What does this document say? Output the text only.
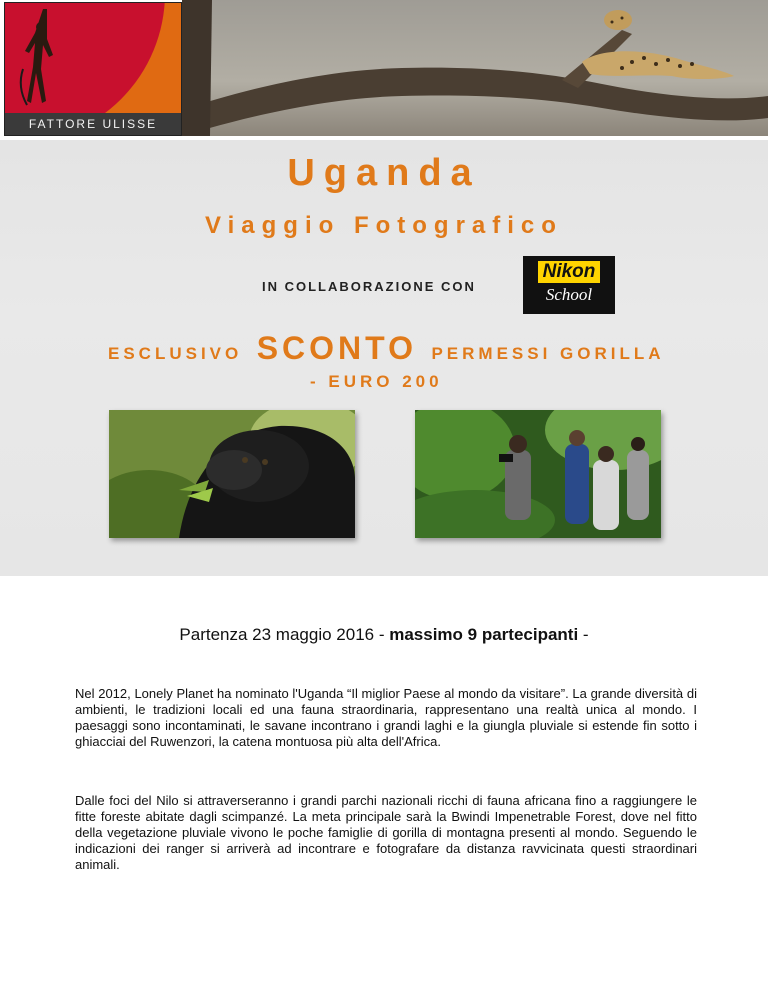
FATTORE ULISSE
Uganda
Viaggio Fotografico
IN COLLABORAZIONE CON
Nikon
School
ESCLUSIVO SCONTO PERMESSI GORILLA
- EURO 200
Partenza 23 maggio 2016 - massimo 9 partecipanti -

Nel 2012, Lonely Planet ha nominato l'Uganda “Il miglior Paese al mondo da visitare”. La grande diversità di ambienti, le tradizioni locali ed una fauna straordinaria, rappresentano una realtà unica al mondo. I paesaggi sono incontaminati, le savane incontrano i grandi laghi e la giungla pluviale si estende fin sotto i ghiacciai del Ruwenzori, la catena montuosa più alta dell'Africa.

Dalle foci del Nilo si attraverseranno i grandi parchi nazionali ricchi di fauna africana fino a raggiungere le fitte foreste abitate dagli scimpanzé. La meta principale sarà la Bwindi Impenetrable Forest, dove nel fitto della vegetazione pluviale vivono le poche famiglie di gorilla di montagna presenti al mondo. Seguendo le indicazioni dei ranger si arriverà ad incontrare e fotografare da distanza ravvicinata questi straordinari animali.
